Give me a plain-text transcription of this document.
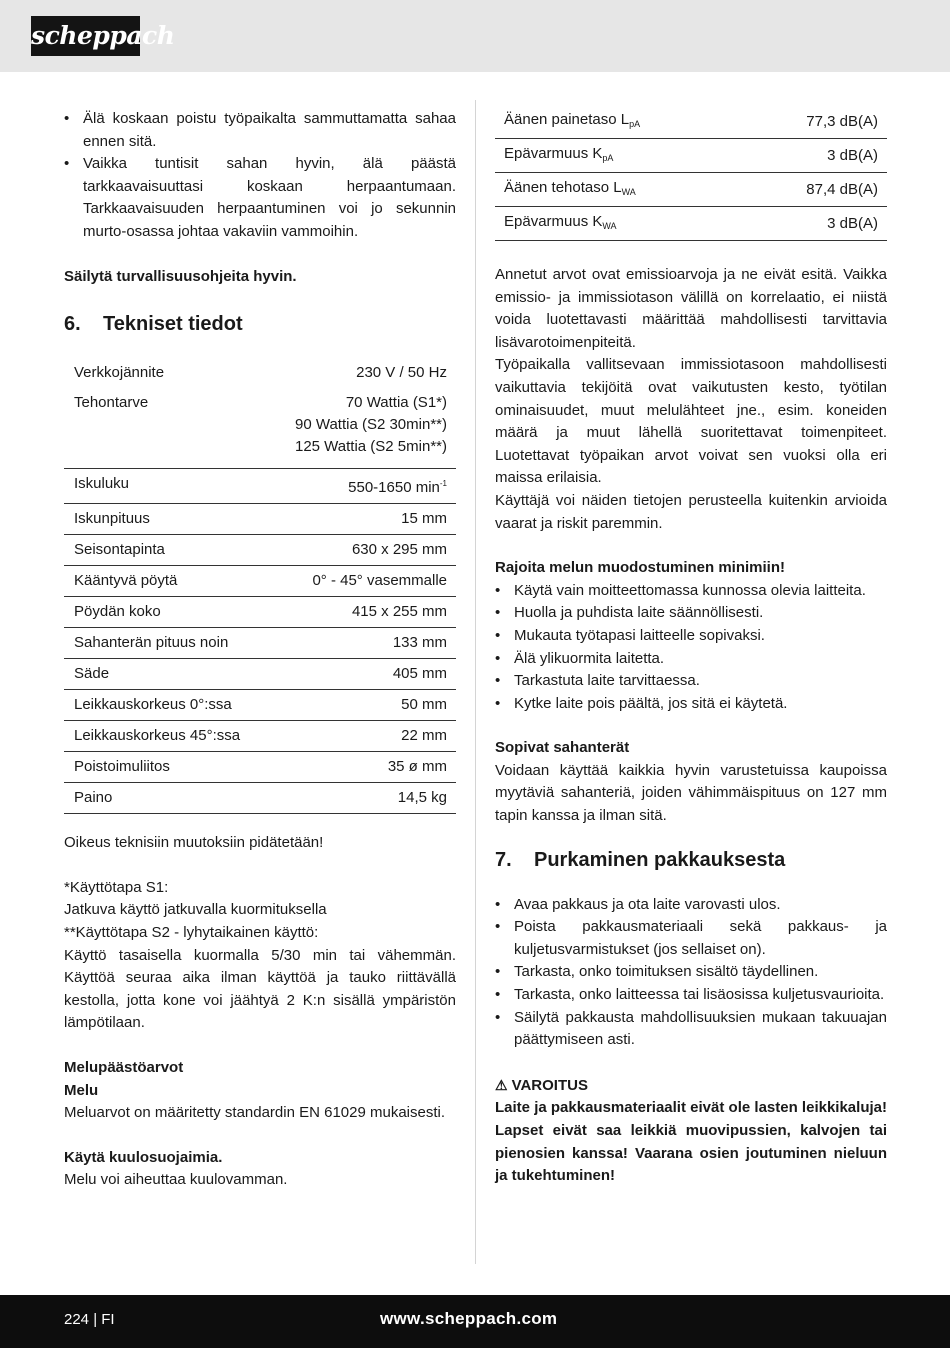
scheppach
• Älä koskaan poistu työpaikalta sammuttamatta sahaa ennen sitä.
• Vaikka tuntisit sahan hyvin, älä päästä tarkkaavaisuuttasi koskaan herpaantumaan. Tarkkaavaisuuden herpaantuminen voi jo sekunnin murto-osassa johtaa vakaviin vammoihin.

Säilytä turvallisuusohjeita hyvin.

6. Tekniset tiedot
Verkkojännite	230 V / 50 Hz
Tehontarve	70 Wattia (S1*)
90 Wattia (S2 30min**)
125 Wattia (S2 5min**)

Iskuluku	550-1650 $\min^{-1}$
Iskunpituus	15 mm
Seisontapinta	630 x 295 mm
Kääntyvä pöytä	0° - 45° vasemmalle
Pöydän koko	415 x 255 mm
Sahanterän pituus noin	133 mm
Säde	405 mm
Leikkauskorkeus 0°:ssa	50 mm
Leikkauskorkeus 45°:ssa	22 mm
Poistoimuliitos	35 ø mm
Paino	14,5 kg

Oikeus teknisiin muutoksiin pidätetään!

*Käyttötapa S1:

Jatkuva käyttö jatkuvalla kuormituksella

**Käyttötapa S2 - lyhytaikainen käyttö:

Käyttö tasaisella kuormalla 5/30 min tai vähemmän. Käyttöä seuraa aika ilman käyttöä ja tauko riittävällä kestolla, jotta kone voi jäähtyä 2 K:n sisällä ympäristön lämpötilaan.

Melupäästöarvot

Melu

Meluarvot on määritetty standardin EN 61029 mukaisesti.

Käytä kuulosuojaimia.

Melu voi aiheuttaa kuulovamman.

Äänen painetaso $L_{pA}$	77,3 dB(A)
Epävarmuus $K_{pA}$	3 dB(A)
Äänen tehotaso $L_{WA}$	87,4 dB(A)
Epävarmuus $K_{WA}$	3 dB(A)

Annetut arvot ovat emissioarvoja ja ne eivät esitä. Vaikka emissio- ja immissiotason välillä on korrelaatio, ei niistä voida luotettavasti määrittää mahdollisesti tarvittavia lisävarotoimenpiteitä.

Työpaikalla vallitsevaan immissiotasoon mahdollisesti vaikuttavia tekijöitä ovat vaikutusten kesto, työtilan ominaisuudet, muut melulähteet jne., esim. koneiden määrä ja muut lähellä suoritettavat toimenpiteet. Luotettavat työpaikan arvot voivat sen vuoksi olla eri maissa erilaisia.

Käyttäjä voi näiden tietojen perusteella kuitenkin arvioida vaarat ja riskit paremmin.

Rajoita melun muodostuminen minimiin!

• Käytä vain moitteettomassa kunnossa olevia laitteita.
• Huolla ja puhdista laite säännöllisesti.
• Mukauta työtapasi laitteelle sopivaksi.
• Älä ylikuormita laitetta.
• Tarkastuta laite tarvittaessa.
• Kytke laite pois päältä, jos sitä ei käytetä.

Sopivat sahanterät

Voidaan käyttää kaikkia hyvin varustetuissa kaupoissa myytäviä sahanteriä, joiden vähimmäispituus on 127 mm tapin kanssa ja ilman sitä.

7. Purkaminen pakkauksesta
• Avaa pakkaus ja ota laite varovasti ulos.
• Poista pakkausmateriaali sekä pakkaus- ja kuljetusvarmistukset (jos sellaiset on).
• Tarkasta, onko toimituksen sisältö täydellinen.
• Tarkasta, onko laitteessa tai lisäosissa kuljetusvaurioita.
• Säilytä pakkausta mahdollisuuksien mukaan takuuajan päättymiseen asti.

⚠ VAROITUS

Laite ja pakkausmateriaalit eivät ole lasten leikkikaluja! Lapset eivät saa leikkiä muovipussien, kalvojen tai pienosien kanssa! Vaarana osien joutuminen nieluun ja tukehtuminen!

224 | FI	www.scheppach.com
